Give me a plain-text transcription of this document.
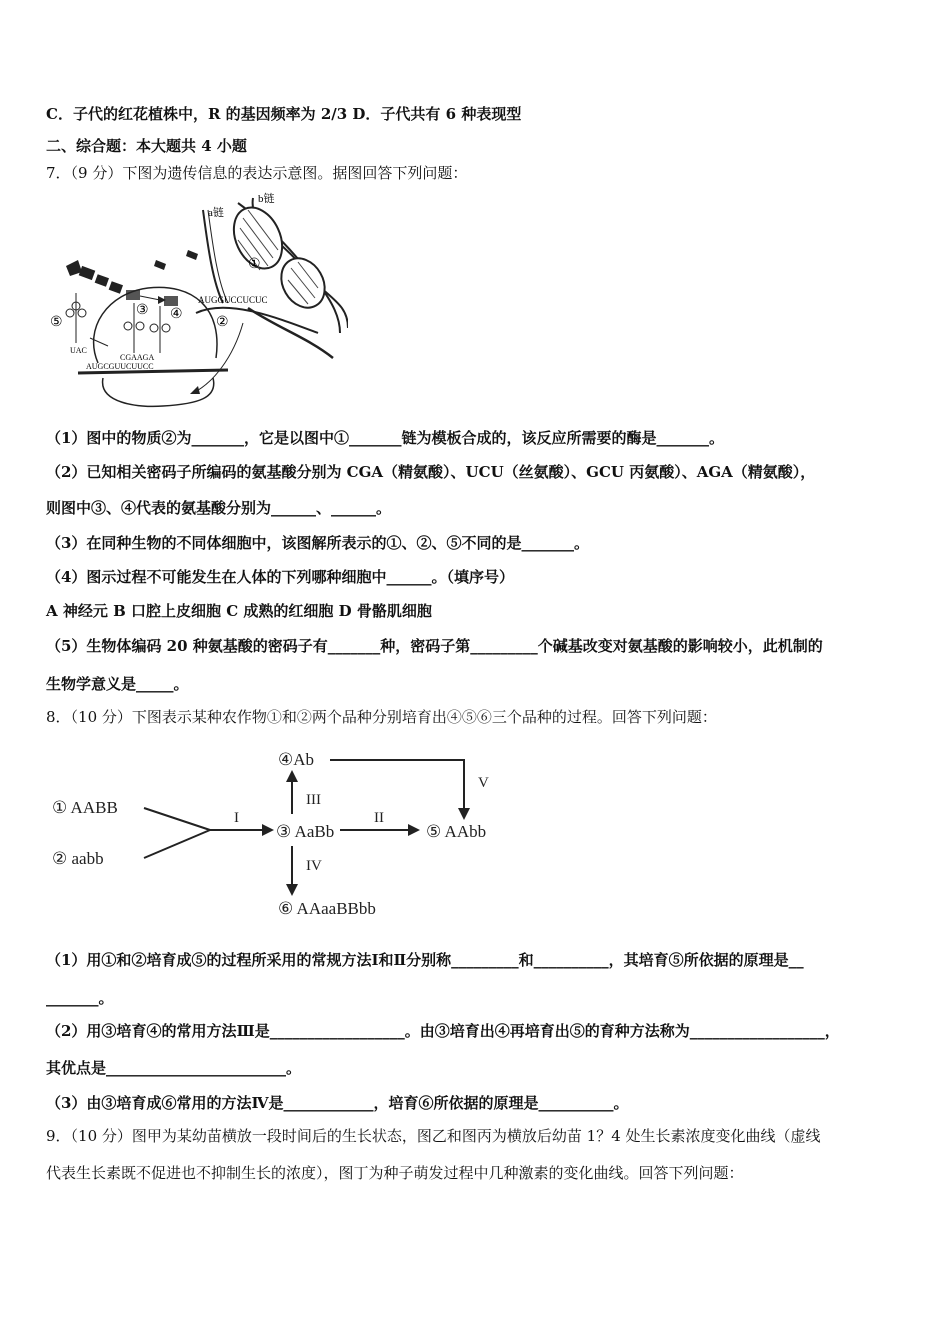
C．子代的红花植株中，R 的基因频率为 2/3 D．子代共有 6 种表现型
二、综合题：本大题共 4 小题
7．（9 分）下图为遗传信息的表达示意图。据图回答下列问题：
b链
a链
①
AUGGUCCUCUC
②
AUGCGUUCUUCC
UAC
CGAAGA
⑤
③ ④
（1）图中的物质②为_______，它是以图中①_______链为模板合成的，该反应所需要的酶是_______。
（2）已知相关密码子所编码的氨基酸分别为 CGA（精氨酸）、UCU（丝氨酸）、GCU 丙氨酸）、AGA（精氨酸），
则图中③、④代表的氨基酸分别为______、______。
（3）在同种生物的不同体细胞中，该图解所表示的①、②、⑤不同的是_______。
（4）图示过程不可能发生在人体的下列哪种细胞中______。（填序号）
A 神经元 B 口腔上皮细胞 C 成熟的红细胞 D 骨骼肌细胞
（5）生物体编码 20 种氨基酸的密码子有_______种，密码子第_________个碱基改变对氨基酸的影响较小，此机制的
生物学意义是_____。
8．（10 分）下图表示某种农作物①和②两个品种分别培育出④⑤⑥三个品种的过程。回答下列问题：
① AABB
② aabb
③ AaBb
④Ab
⑤ AAbb
⑥ AAaaBBbb
I	II
III
IV
V
（1）用①和②培育成⑤的过程所采用的常规方法Ⅰ和Ⅱ分别称_________和__________，其培育⑤所依据的原理是__
_______。
（2）用③培育④的常用方法Ⅲ是__________________。由③培育出④再培育出⑤的育种方法称为__________________，
其优点是________________________。
（3）由③培育成⑥常用的方法Ⅳ是____________，培育⑥所依据的原理是__________。
9．（10 分）图甲为某幼苗横放一段时间后的生长状态，图乙和图丙为横放后幼苗 1？4 处生长素浓度变化曲线（虚线
代表生长素既不促进也不抑制生长的浓度），图丁为种子萌发过程中几种激素的变化曲线。回答下列问题：
